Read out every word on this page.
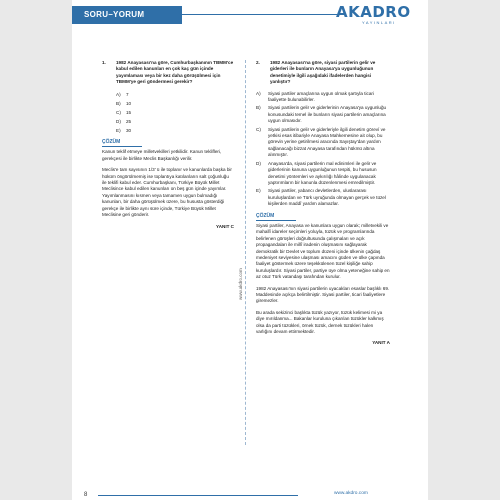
SORU–YORUM	AKADRO
YAYINLARI
1.	1982 Anayasası'na göre, Cumhurbaşkanının TBMM'ce kabul edilen kanunları en çok kaç gün içinde yayımlaması veya bir kez daha görüşülmesi için TBMM'ye geri göndermesi gerekir?
A)	7
B)	10
C)	15
D)	25
E)	30
ÇÖZÜM

Kanun teklif etmeye milletvekilleri yetkilidir. Kanun teklifleri, gerekçesi ile birlikte Meclis Başkanlığı verilir.

Meclis'e tam sayısının 1/3' ü ile toplanır ve kanunlarda başka bir hüküm öngörülmemiş ise toplantıya katılanların salt çoğunluğu ile teklifi kabul eder. Cumhurbaşkanı, Türkiye Büyük Millet Meclisince kabul edilen kanunları on beş gün içinde yayımlar. Yayımlanmasını kısmen veya tamamen uygun bulmadığı kanunları, bir daha görüşülmek üzere, bu hususta gösterdiği gerekçe ile birlikte aynı süre içinde, Türkiye Büyük Millet Meclisine geri gönderir.

YANIT C
www.akdro.com
2.	1982 Anayasası'na göre, siyasi partilerin gelir ve giderleri ile bunların Anayasa'ya uygunluğunun denetimiyle ilgili aşağıdaki ifadelerden hangisi yanlıştır?
A)	Siyasi partiler amaçlarına uygun olmak şartıyla ticari faaliyette bulunabilirler.
B)	Siyasi partilerin gelir ve giderlerinin Anayasa'ya uygunluğu konusundaki temel ile bunların siyasi partilerin amaçlarına uygun olmasıdır.
C)	Siyasi partilerin gelir ve giderleriyle ilgili denetim göreví ve yetkisi esas itibariyle Anayasa Mahkemesine ait olup, bu görevin yerine getirilmesi aracında Sayıştay'dan yardım sağlanacağı bizzat Anayasa tarafından hükmü altına alınmıştır.
D)	Anayasa'da, siyasi partilerin mal edinimleri ile gelir ve giderlerinin kanuna uygunluğunun tespiti, bu hususun denetimi yöntemleri ve aykırılığı hâlinde uygulanacak yaptırımların bir kanunla düzenlenmesi emredilmiştir.
E)	Siyasi partiler, yabancı devletlerden, uluslararası kuruluşlardan ve Türk uyruğunda olmayan gerçek ve tüzel kişilerden maddî yardım alamazlar.
ÇÖZÜM

Siyasi partiler, Anayasa ve kanunlara uygun olarak; milletvekili ve mahallî idareler seçimleri yoluyla, tüzük ve programlarında belirlenen görüşleri doğrultusunda çalışmaları ve açık propagandaları ile millî iradenin oluşmasını sağlayarak demokratik bir Devlet ve toplum düzeni içinde ülkenin çağdaş medeniyet seviyesine ulaşması amacını güden ve ülke çapında faaliyet göstermek üzere teşekkülenen tüzel kişiliğe sahip kuruluşlardır. Siyasi partiler, partiye üye olma yeteneğine sahip en az otuz Türk vatandaşı tarafından kurulur.

1982 Anayasası'nın siyasi partilerin uyacakları esaslar başlıklı 69. Maddesinde açıkça belirtilmiştir. Siyasi partiler, ticari faaliyetlere giremezler.

Bu arada sekizinci başlıkta tüzük yazıyor, tüzük kelimesi mi ya diye mırıldanma... Bakanlar kuruluna çıkarılan tüzükler kalkmış olsa da parti tüzükleri, örnek tüzük, dernek tüzükleri halen varlığını devam ettirmektedir.

YANIT A
8	www.akdro.com
